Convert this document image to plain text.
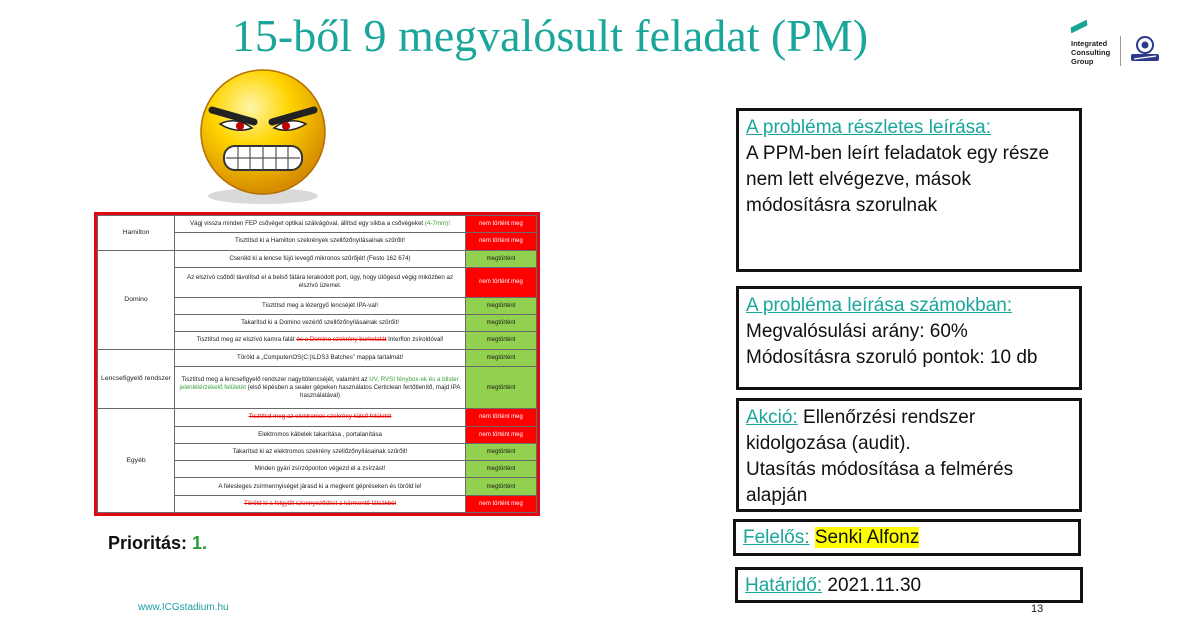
15-ből 9 megvalósult feladat (PM)	Integrated
Consulting
Group
Hamilton	Vágj vissza minden FEP csővéget optikai szálvágóval, állítsd egy síkba a csővégeket (4-7mm)!	nem történt meg
	Tisztítsd ki a Hamilton szekrények szellőzőnyílásainak szűrőit!	nem történt meg
Domino	Cseréld ki a lencse fújó levegő mikronos szűrőjét! (Festo 162 674)	megtörtént
	Az elszívó csőből távolítsd el a belső fátára lerakódott port, úgy, hogy ütögesd végig miközben az elszívó üzemel.	nem történt meg
	Tisztítsd meg a lézergyű lencséjét IPA-val!	megtörtént
	Takarítsd ki a Domino vezérlő szellőzőnyílásainak szűrőit!	megtörtént
	Tisztítsd meg az elszívó kamra falát és a Domino szekrény burkolatát Interflon zsíroldóval!	megtörtént
Lencsefigyelő rendszer	Töröld a „Computer\OS(C:)\LDS3 Batches” mappa tartalmát!	megtörtént
	Tisztítsd meg a lencsefigyelő rendszer nagyítólencséjét, valamint az UV, RVSI fénybox-ek és a blister jelenlétérzékelő felületét (első lépésben a sealer gépeken használatos Certiclean fertőtlenítő, majd IPA használatával)	megtörtént
Egyéb	Tisztítsd meg az elektromos szekrény külső felületét	nem történt meg
	Elektromos kábelek takarítása , portalanítása	nem történt meg
	Takarítsd ki az elektromos szekrény szellőzőnyílásainak szűrőit!	megtörtént
	Minden gyári zsírzóponton végezd el a zsírzást!	megtörtént
	A felesleges zsírmennyiséget járasd ki a megkent gépréseken és töröld le!	megtörtént
	Töröld ki a felgyűlt szennyeződést a kármentő tálcákból	nem történt meg
Prioritás: 1.
www.ICGstadium.hu	13
A probléma részletes leírása:
A PPM-ben leírt feladatok egy része nem lett elvégezve, mások módosításra szorulnak
A probléma leírása számokban:
Megvalósulási arány: 60%
Módosításra szoruló pontok: 10 db
Akció: Ellenőrzési rendszer kidolgozása (audit).
Utasítás módosítása a felmérés alapján
Felelős: Senki Alfonz
Határidő: 2021.11.30
